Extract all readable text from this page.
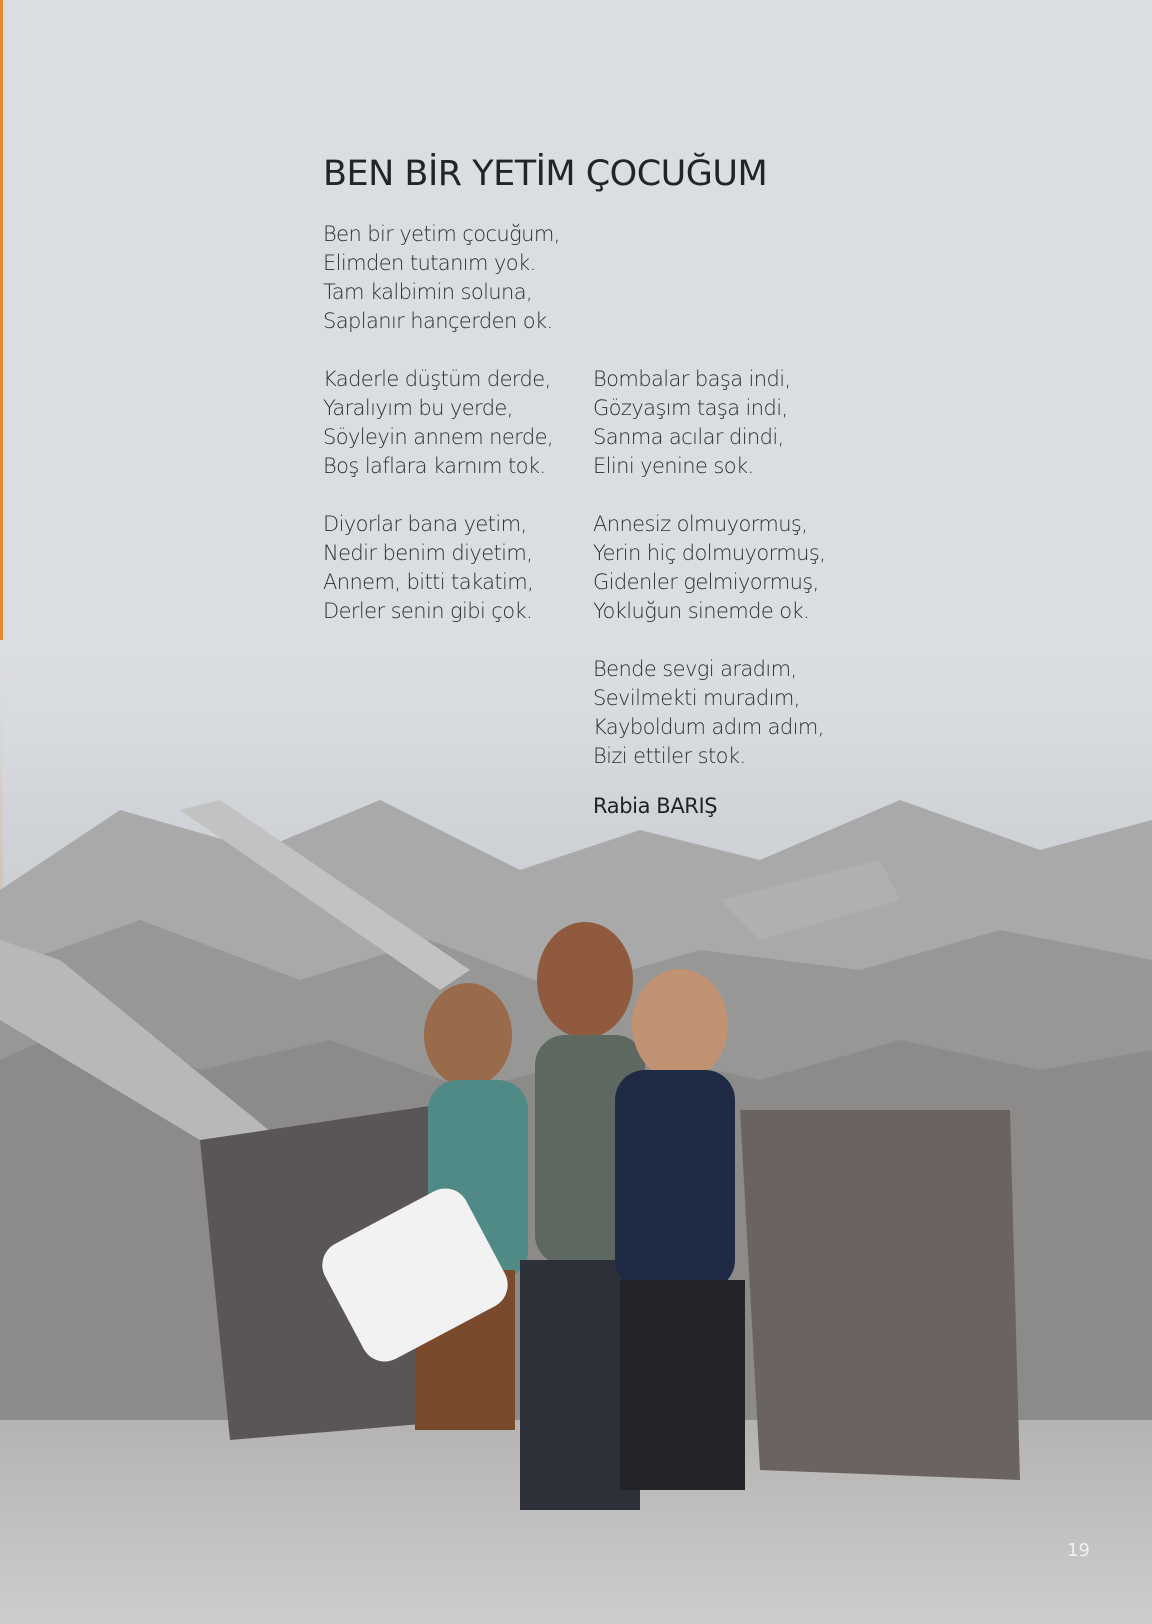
BEN BİR YETİM ÇOCUĞUM
Ben bir yetim çocuğum,
Elimden tutanım yok.
Tam kalbimin soluna,
Saplanır hançerden ok.
Kaderle düştüm derde,
Yaralıyım bu yerde,
Söyleyin annem nerde,
Boş laflara karnım tok.
Diyorlar bana yetim,
Nedir benim diyetim,
Annem, bitti takatim,
Derler senin gibi çok.
Bombalar başa indi,
Gözyaşım taşa indi,
Sanma acılar dindi,
Elini yenine sok.
Annesiz olmuyormuş,
Yerin hiç dolmuyormuş,
Gidenler gelmiyormuş,
Yokluğun sinemde ok.
Bende sevgi aradım,
Sevilmekti muradım,
Kayboldum adım adım,
Bizi ettiler stok.
Rabia BARIŞ
19
